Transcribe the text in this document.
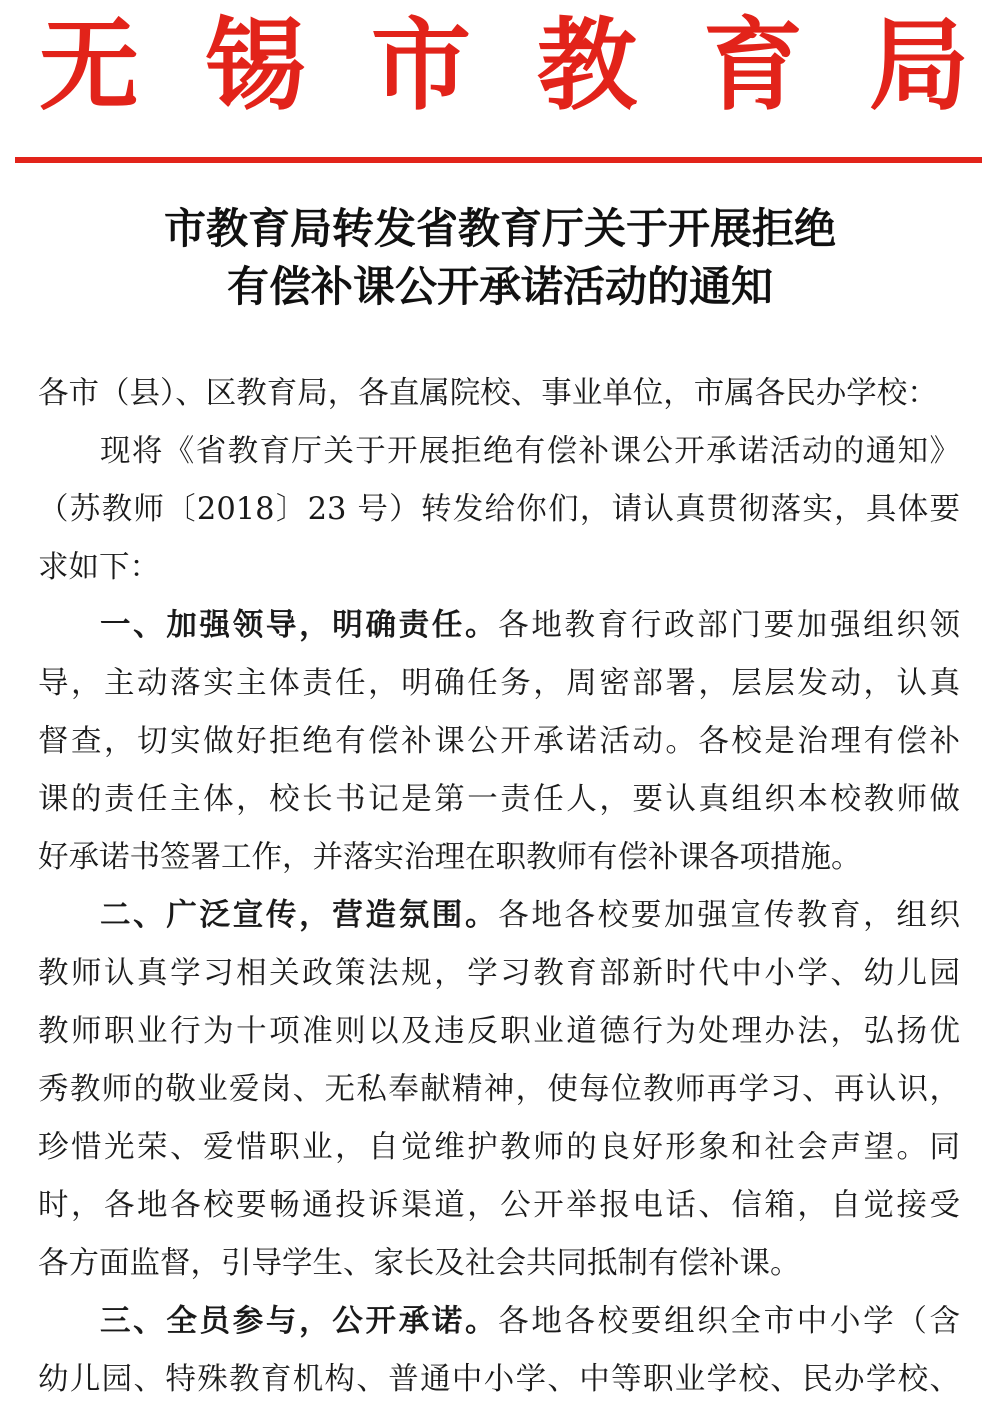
无 锡 市 教 育 局
市教育局转发省教育厅关于开展拒绝
有偿补课公开承诺活动的通知
各市（县）、区教育局，各直属院校、事业单位，市属各民办学校：
现将《省教育厅关于开展拒绝有偿补课公开承诺活动的通知》
（苏教师〔2018〕23 号）转发给你们，请认真贯彻落实，具体要
求如下：
一、加强领导，明确责任。各地教育行政部门要加强组织领
导，主动落实主体责任，明确任务，周密部署，层层发动，认真
督查，切实做好拒绝有偿补课公开承诺活动。各校是治理有偿补
课的责任主体，校长书记是第一责任人，要认真组织本校教师做
好承诺书签署工作，并落实治理在职教师有偿补课各项措施。
二、广泛宣传，营造氛围。各地各校要加强宣传教育，组织
教师认真学习相关政策法规，学习教育部新时代中小学、幼儿园
教师职业行为十项准则以及违反职业道德行为处理办法，弘扬优
秀教师的敬业爱岗、无私奉献精神，使每位教师再学习、再认识，
珍惜光荣、爱惜职业，自觉维护教师的良好形象和社会声望。同
时，各地各校要畅通投诉渠道，公开举报电话、信箱，自觉接受
各方面监督，引导学生、家长及社会共同抵制有偿补课。
三、全员参与，公开承诺。各地各校要组织全市中小学（含
幼儿园、特殊教育机构、普通中小学、中等职业学校、民办学校、
